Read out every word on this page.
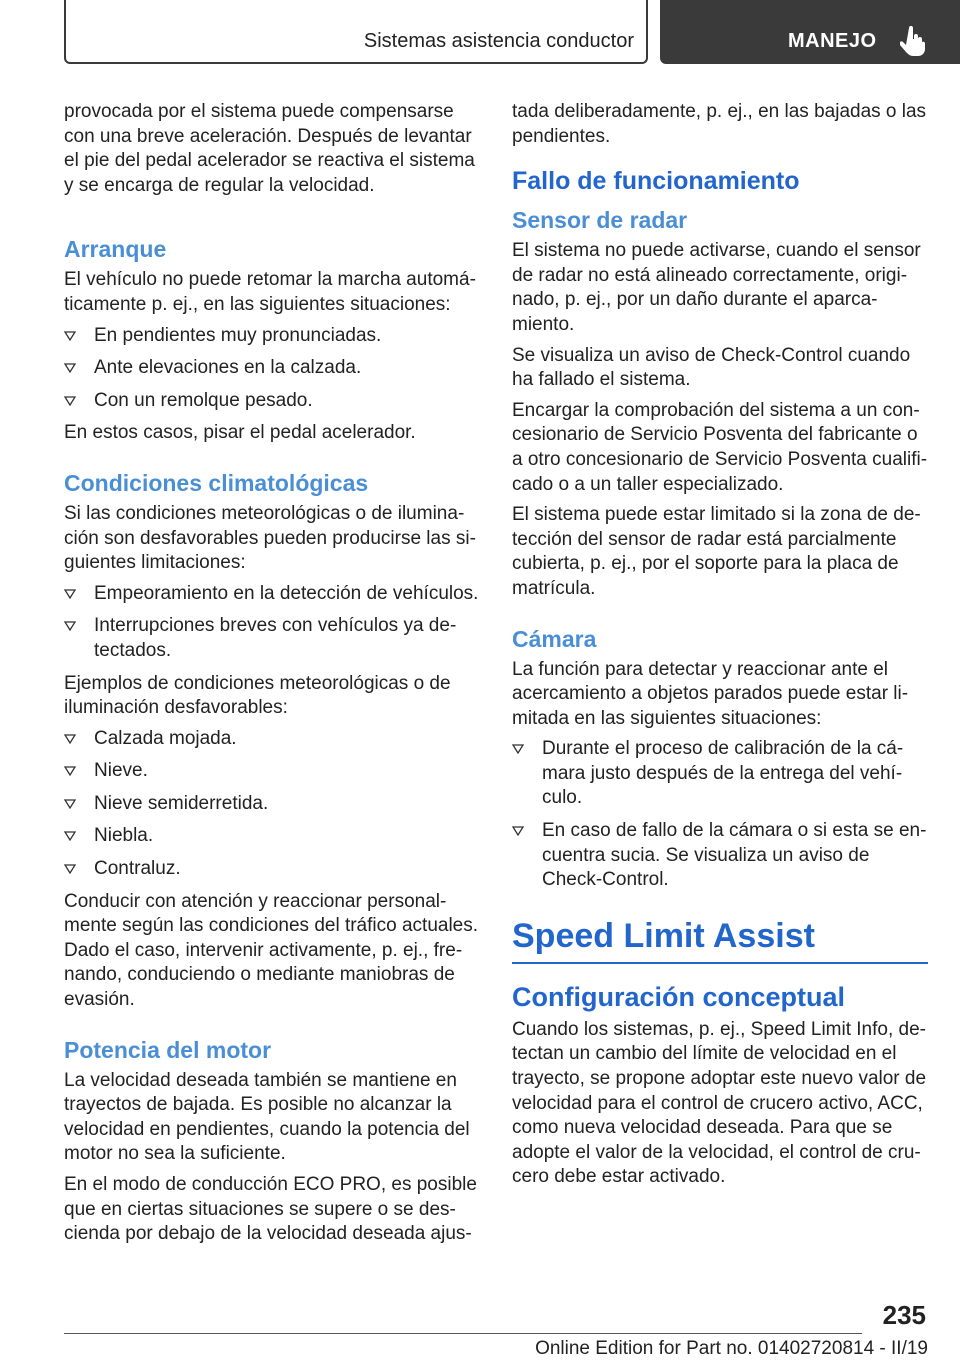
Sistemas asistencia conductor	MANEJO

provocada por el sistema puede compensarse con una breve aceleración. Después de levantar el pie del pedal acelerador se reactiva el sistema y se encarga de regular la velocidad.

Arranque

El vehículo no puede retomar la marcha automáticamente p. ej., en las siguientes situaciones:

En pendientes muy pronunciadas.
Ante elevaciones en la calzada.
Con un remolque pesado.

En estos casos, pisar el pedal acelerador.

Condiciones climatológicas

Si las condiciones meteorológicas o de iluminación son desfavorables pueden producirse las siguientes limitaciones:

Empeoramiento en la detección de vehículos.
Interrupciones breves con vehículos ya detectados.

Ejemplos de condiciones meteorológicas o de iluminación desfavorables:

Calzada mojada.
Nieve.
Nieve semiderretida.
Niebla.
Contraluz.

Conducir con atención y reaccionar personalmente según las condiciones del tráfico actuales. Dado el caso, intervenir activamente, p. ej., frenando, conduciendo o mediante maniobras de evasión.

Potencia del motor

La velocidad deseada también se mantiene en trayectos de bajada. Es posible no alcanzar la velocidad en pendientes, cuando la potencia del motor no sea la suficiente.

En el modo de conducción ECO PRO, es posible que en ciertas situaciones se supere o se descienda por debajo de la velocidad deseada ajus-

tada deliberadamente, p. ej., en las bajadas o las pendientes.

Fallo de funcionamiento
Sensor de radar

El sistema no puede activarse, cuando el sensor de radar no está alineado correctamente, originado, p. ej., por un daño durante el aparcamiento.

Se visualiza un aviso de Check-Control cuando ha fallado el sistema.

Encargar la comprobación del sistema a un concesionario de Servicio Posventa del fabricante o a otro concesionario de Servicio Posventa cualificado o a un taller especializado.

El sistema puede estar limitado si la zona de detección del sensor de radar está parcialmente cubierta, p. ej., por el soporte para la placa de matrícula.

Cámara

La función para detectar y reaccionar ante el acercamiento a objetos parados puede estar limitada en las siguientes situaciones:

Durante el proceso de calibración de la cámara justo después de la entrega del vehículo.
En caso de fallo de la cámara o si esta se encuentra sucia. Se visualiza un aviso de Check-Control.
Speed Limit Assist
Configuración conceptual

Cuando los sistemas, p. ej., Speed Limit Info, detectan un cambio del límite de velocidad en el trayecto, se propone adoptar este nuevo valor de velocidad para el control de crucero activo, ACC, como nueva velocidad deseada. Para que se adopte el valor de la velocidad, el control de crucero debe estar activado.

235
Online Edition for Part no. 01402720814 - II/19
